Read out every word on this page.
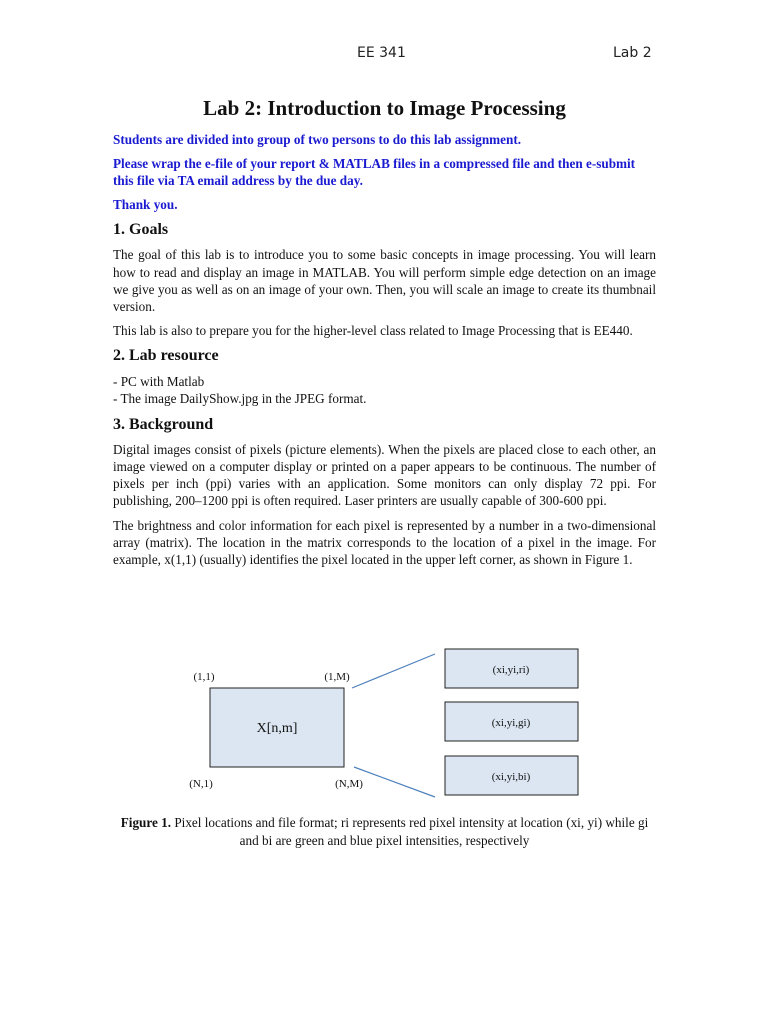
EE 341	Lab 2
Lab 2: Introduction to Image Processing
Students are divided into group of two persons to do this lab assignment.
Please wrap the e-file of your report & MATLAB files in a compressed file and then e-submit this file via TA email address by the due day.
Thank you.
1. Goals

The goal of this lab is to introduce you to some basic concepts in image processing. You will learn how to read and display an image in MATLAB. You will perform simple edge detection on an image we give you as well as on an image of your own. Then, you will scale an image to create its thumbnail version.

This lab is also to prepare you for the higher-level class related to Image Processing that is EE440.

2. Lab resource
- PC with Matlab
- The image DailyShow.jpg in the JPEG format.
3. Background

Digital images consist of pixels (picture elements). When the pixels are placed close to each other, an image viewed on a computer display or printed on a paper appears to be continuous. The number of pixels per inch (ppi) varies with an application. Some monitors can only display 72 ppi. For publishing, 200–1200 ppi is often required. Laser printers are usually capable of 300-600 ppi.

The brightness and color information for each pixel is represented by a number in a two-dimensional array (matrix). The location in the matrix corresponds to the location of a pixel in the image. For example, x(1,1) (usually) identifies the pixel located in the upper left corner, as shown in Figure 1.

X[n,m]
(1,1)	(1,M)
(N,1)	(N,M)
(xi,yi,ri)
(xi,yi,gi)
(xi,yi,bi)
Figure 1. Pixel locations and file format; ri represents red pixel intensity at location (xi, yi) while gi and bi are green and blue pixel intensities, respectively
